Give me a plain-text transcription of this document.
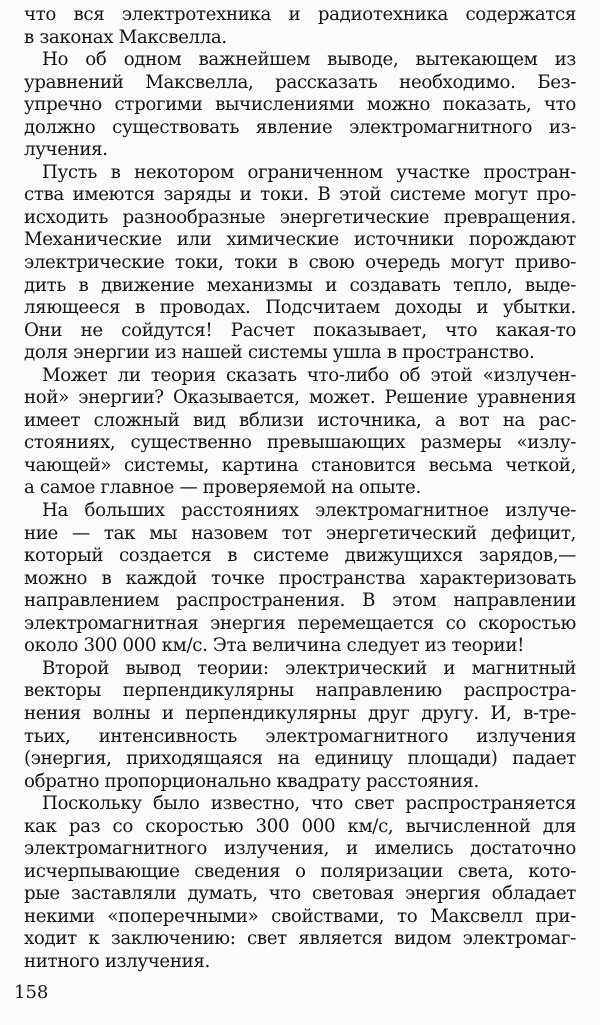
что вся электротехника и радиотехника содержатся
в законах Максвелла.
Но об одном важнейшем выводе, вытекающем из
уравнений Максвелла, рассказать необходимо. Без-
упречно строгими вычислениями можно показать, что
должно существовать явление электромагнитного из-
лучения.
Пусть в некотором ограниченном участке простран-
ства имеются заряды и токи. В этой системе могут про-
исходить разнообразные энергетические превращения.
Механические или химические источники порождают
электрические токи, токи в свою очередь могут приво-
дить в движение механизмы и создавать тепло, выде-
ляющееся в проводах. Подсчитаем доходы и убытки.
Они не сойдутся! Расчет показывает, что какая-то
доля энергии из нашей системы ушла в пространство.
Может ли теория сказать что-либо об этой «излучен-
ной» энергии? Оказывается, может. Решение уравнения
имеет сложный вид вблизи источника, а вот на рас-
стояниях, существенно превышающих размеры «излу-
чающей» системы, картина становится весьма четкой,
а самое главное — проверяемой на опыте.
На больших расстояниях электромагнитное излуче-
ние — так мы назовем тот энергетический дефицит,
который создается в системе движущихся зарядов,—
можно в каждой точке пространства характеризовать
направлением распространения. В этом направлении
электромагнитная энергия перемещается со скоростью
около 300 000 км/с. Эта величина следует из теории!
Второй вывод теории: электрический и магнитный
векторы перпендикулярны направлению распростра-
нения волны и перпендикулярны друг другу. И, в-тре-
тьих, интенсивность электромагнитного излучения
(энергия, приходящаяся на единицу площади) падает
обратно пропорционально квадрату расстояния.
Поскольку было известно, что свет распространяется
как раз со скоростью 300 000 км/с, вычисленной для
электромагнитного излучения, и имелись достаточно
исчерпывающие сведения о поляризации света, кото-
рые заставляли думать, что световая энергия обладает
некими «поперечными» свойствами, то Максвелл при-
ходит к заключению: свет является видом электромаг-
нитного излучения.
158
